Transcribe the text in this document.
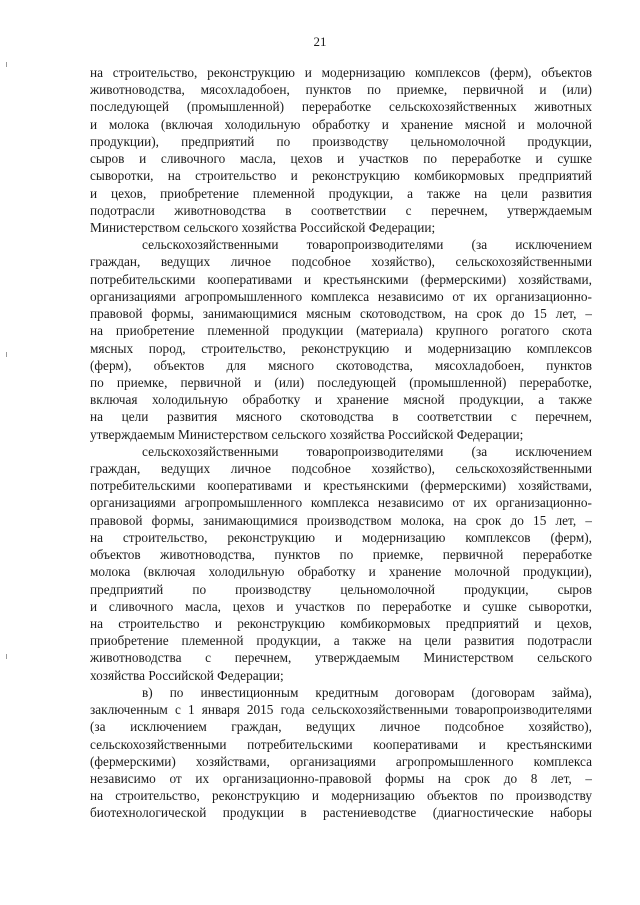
21
на строительство, реконструкцию и модернизацию комплексов (ферм), объектов
животноводства, мясохладобоен, пунктов по приемке, первичной и (или)
последующей (промышленной) переработке сельскохозяйственных животных
и молока (включая холодильную обработку и хранение мясной и молочной
продукции), предприятий по производству цельномолочной продукции,
сыров и сливочного масла, цехов и участков по переработке и сушке
сыворотки, на строительство и реконструкцию комбикормовых предприятий
и цехов, приобретение племенной продукции, а также на цели развития
подотрасли животноводства в соответствии с перечнем, утверждаемым
Министерством сельского хозяйства Российской Федерации;
сельскохозяйственными товаропроизводителями (за исключением
граждан, ведущих личное подсобное хозяйство), сельскохозяйственными
потребительскими кооперативами и крестьянскими (фермерскими) хозяйствами,
организациями агропромышленного комплекса независимо от их организационно-
правовой формы, занимающимися мясным скотоводством, на срок до 15 лет, –
на приобретение племенной продукции (материала) крупного рогатого скота
мясных пород, строительство, реконструкцию и модернизацию комплексов
(ферм), объектов для мясного скотоводства, мясохладобоен, пунктов
по приемке, первичной и (или) последующей (промышленной) переработке,
включая холодильную обработку и хранение мясной продукции, а также
на цели развития мясного скотоводства в соответствии с перечнем,
утверждаемым Министерством сельского хозяйства Российской Федерации;
сельскохозяйственными товаропроизводителями (за исключением
граждан, ведущих личное подсобное хозяйство), сельскохозяйственными
потребительскими кооперативами и крестьянскими (фермерскими) хозяйствами,
организациями агропромышленного комплекса независимо от их организационно-
правовой формы, занимающимися производством молока, на срок до 15 лет, –
на строительство, реконструкцию и модернизацию комплексов (ферм),
объектов животноводства, пунктов по приемке, первичной переработке
молока (включая холодильную обработку и хранение молочной продукции),
предприятий по производству цельномолочной продукции, сыров
и сливочного масла, цехов и участков по переработке и сушке сыворотки,
на строительство и реконструкцию комбикормовых предприятий и цехов,
приобретение племенной продукции, а также на цели развития подотрасли
животноводства с перечнем, утверждаемым Министерством сельского
хозяйства Российской Федерации;
в) по инвестиционным кредитным договорам (договорам займа),
заключенным с 1 января 2015 года сельскохозяйственными товаропроизводителями
(за исключением граждан, ведущих личное подсобное хозяйство),
сельскохозяйственными потребительскими кооперативами и крестьянскими
(фермерскими) хозяйствами, организациями агропромышленного комплекса
независимо от их организационно-правовой формы на срок до 8 лет, –
на строительство, реконструкцию и модернизацию объектов по производству
биотехнологической продукции в растениеводстве (диагностические наборы
